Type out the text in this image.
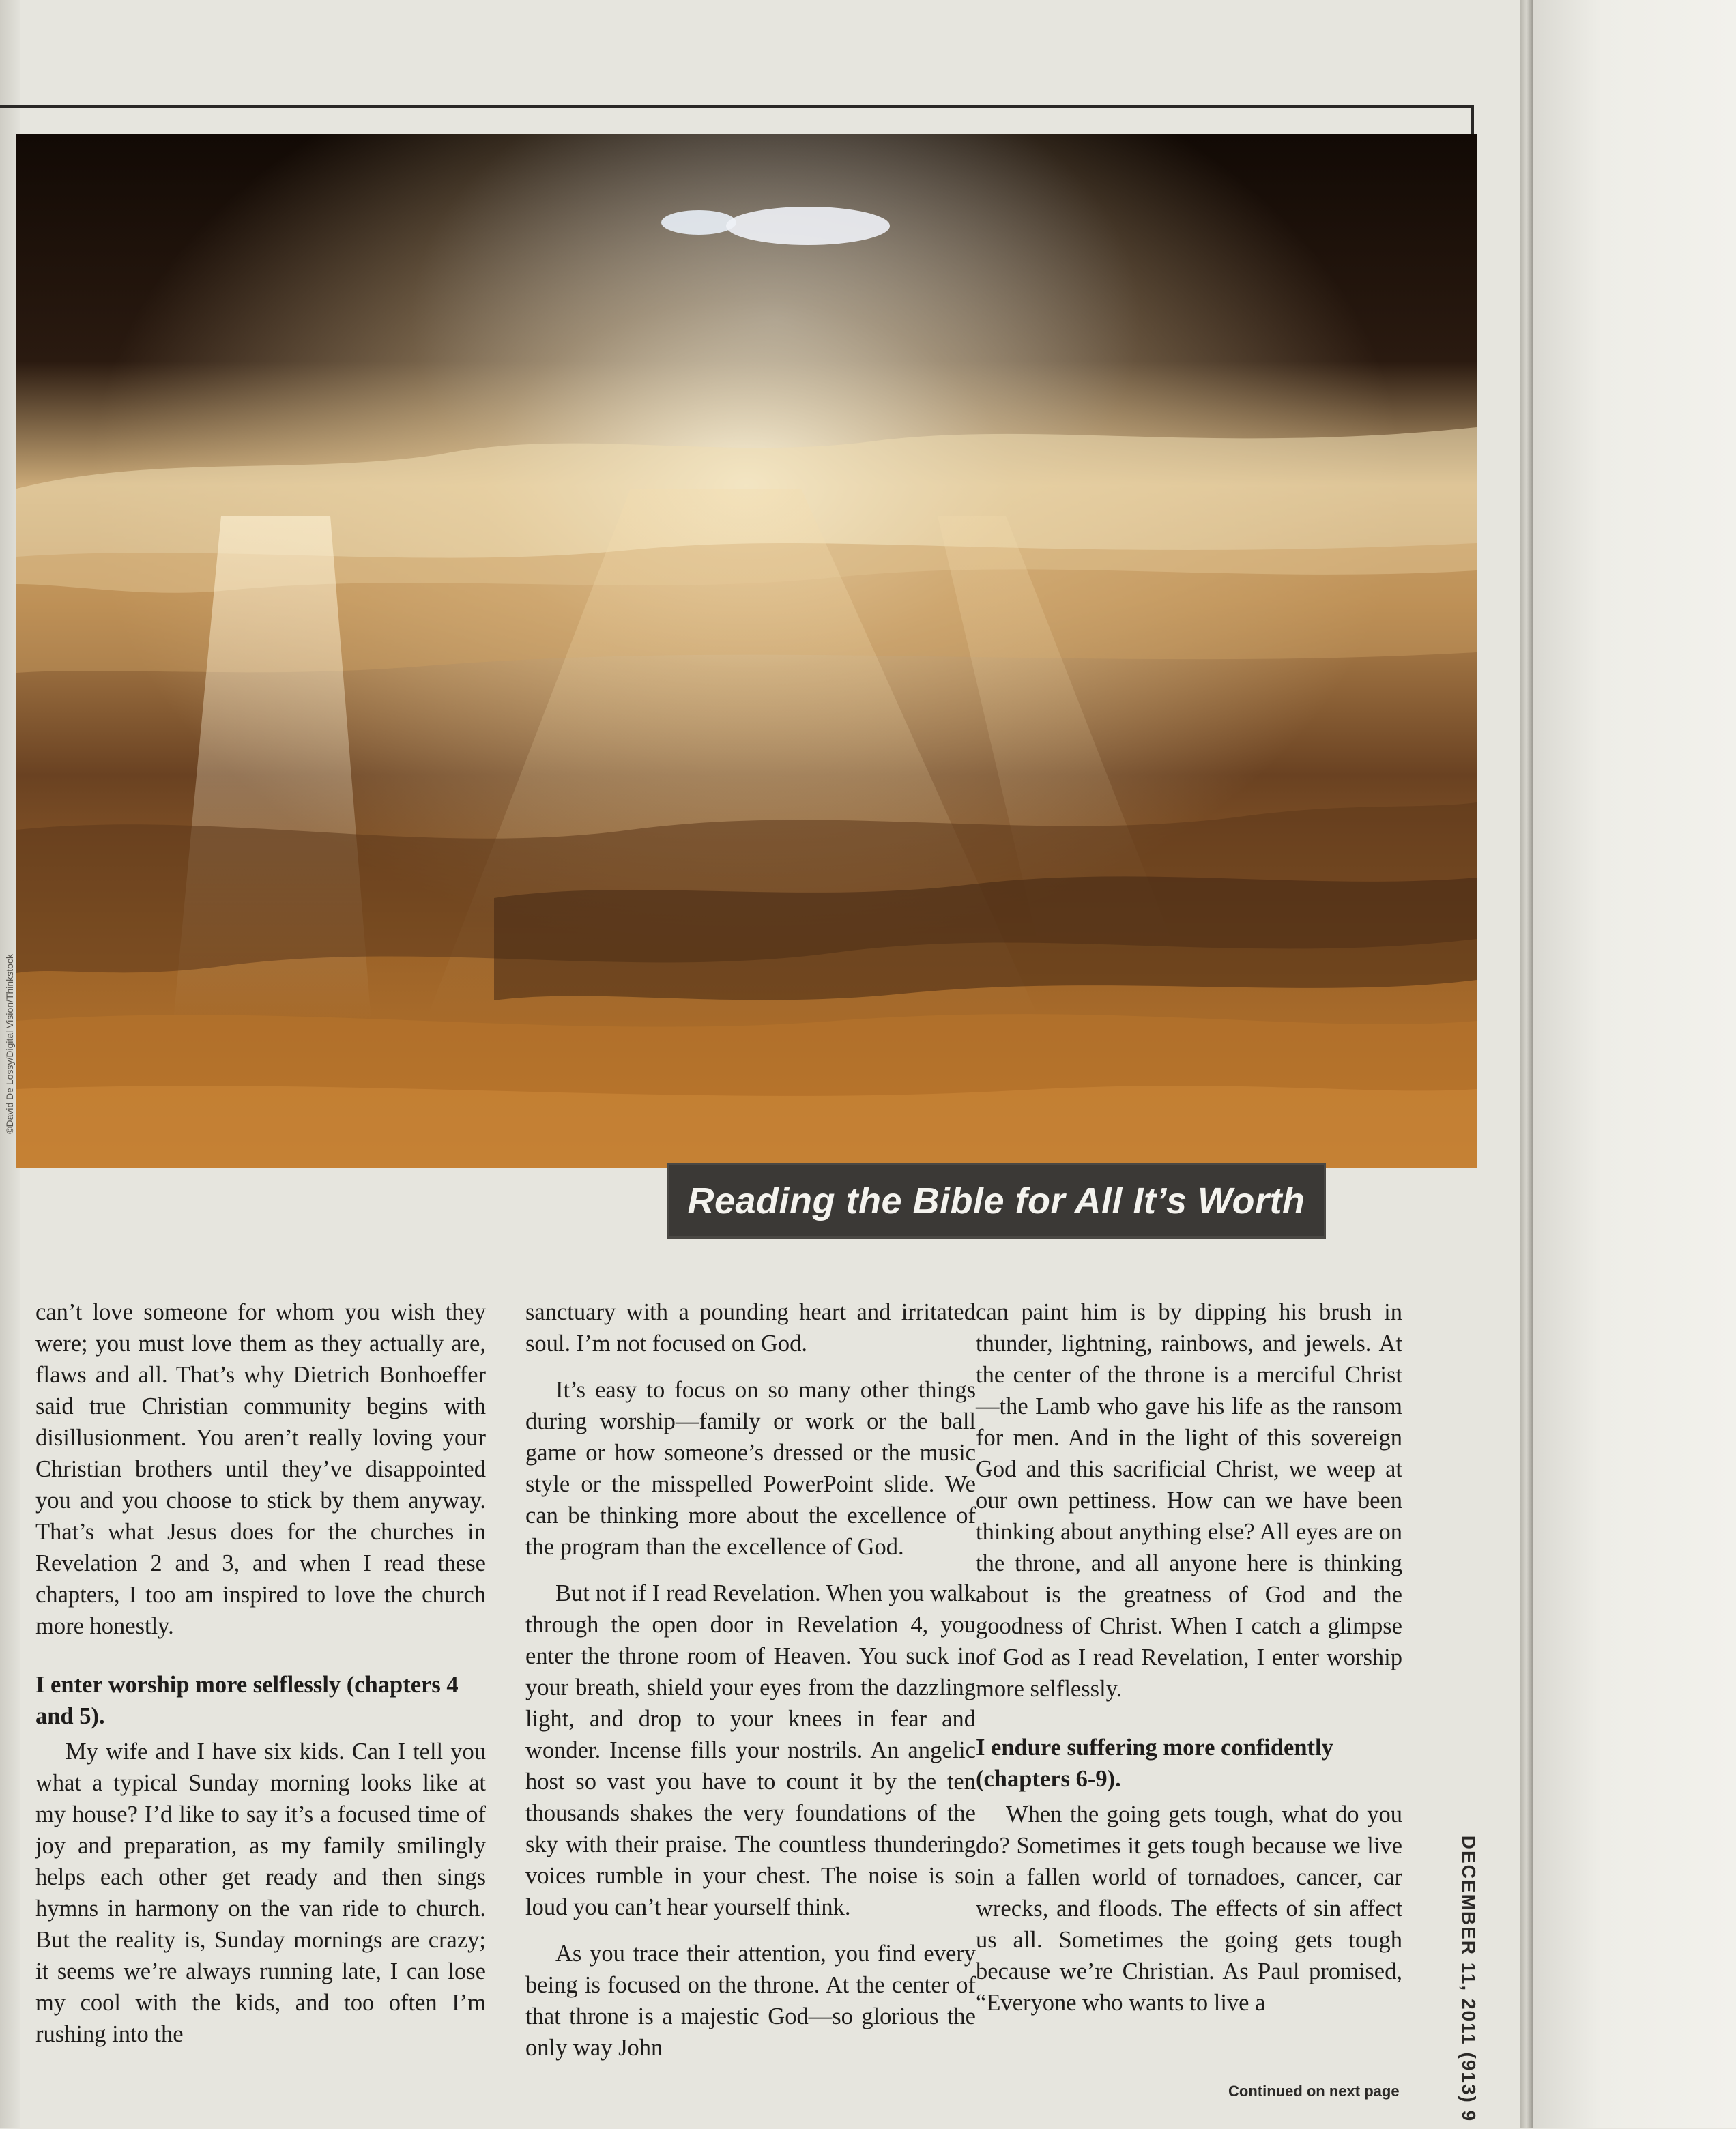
©David De Lossy/Digital Vision/Thinkstock
Reading the Bible for All It’s Worth

can’t love someone for whom you wish they were; you must love them as they actually are, flaws and all. That’s why Dietrich Bonhoeffer said true Christian community begins with disillusionment. You aren’t really loving your Christian brothers until they’ve disappointed you and you choose to stick by them anyway. That’s what Jesus does for the churches in Revelation 2 and 3, and when I read these chapters, I too am inspired to love the church more honestly.

I enter worship more selflessly (chapters 4 and 5).

My wife and I have six kids. Can I tell you what a typical Sunday morning looks like at my house? I’d like to say it’s a focused time of joy and preparation, as my family smilingly helps each other get ready and then sings hymns in harmony on the van ride to church. But the reality is, Sunday mornings are crazy; it seems we’re always running late, I can lose my cool with the kids, and too often I’m rushing into the

sanctuary with a pounding heart and irritated soul. I’m not focused on God.

It’s easy to focus on so many other things during worship—family or work or the ball game or how someone’s dressed or the music style or the misspelled PowerPoint slide. We can be thinking more about the excellence of the program than the excellence of God.

But not if I read Revelation. When you walk through the open door in Revelation 4, you enter the throne room of Heaven. You suck in your breath, shield your eyes from the dazzling light, and drop to your knees in fear and wonder. Incense fills your nostrils. An angelic host so vast you have to count it by the ten thousands shakes the very foundations of the sky with their praise. The countless thundering voices rumble in your chest. The noise is so loud you can’t hear yourself think.

As you trace their attention, you find every being is focused on the throne. At the center of that throne is a majestic God—so glorious the only way John

can paint him is by dipping his brush in thunder, lightning, rainbows, and jewels. At the center of the throne is a merciful Christ—the Lamb who gave his life as the ransom for men. And in the light of this sovereign God and this sacrificial Christ, we weep at our own pettiness. How can we have been thinking about anything else? All eyes are on the throne, and all anyone here is thinking about is the greatness of God and the goodness of Christ. When I catch a glimpse of God as I read Revelation, I enter worship more selflessly.

I endure suffering more confidently (chapters 6-9).

When the going gets tough, what do you do? Sometimes it gets tough because we live in a fallen world of tornadoes, cancer, car wrecks, and floods. The effects of sin affect us all. Sometimes the going gets tough because we’re Christian. As Paul promised, “Everyone who wants to live a

Continued on next page	DECEMBER 11, 2011 (913) 9
